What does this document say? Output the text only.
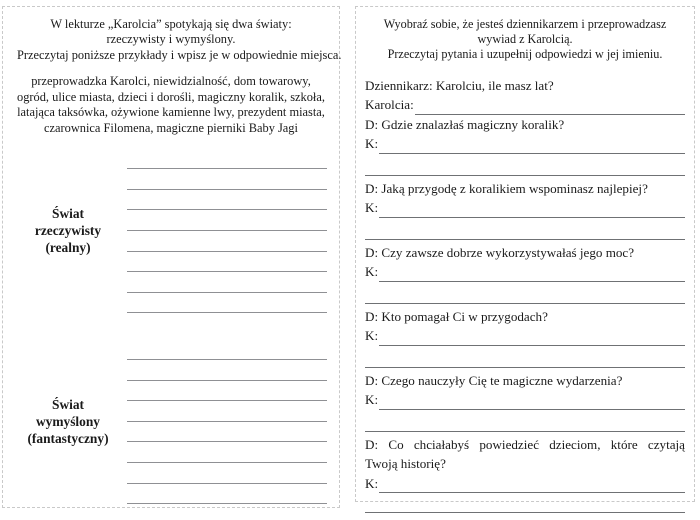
W lekturze „Karolcia” spotykają się dwa światy:
rzeczywisty i wymyślony.
Przeczytaj poniższe przykłady i wpisz je w odpowiednie miejsca.
przeprowadzka Karolci, niewidzialność, dom towarowy,
ogród, ulice miasta, dzieci i dorośli, magiczny koralik, szkoła,
latająca taksówka, ożywione kamienne lwy, prezydent miasta,
czarownica Filomena, magiczne pierniki Baby Jagi
Świat
rzeczywisty
(realny)
Świat
wymyślony
(fantastyczny)
Wyobraź sobie, że jesteś dziennikarzem i przeprowadzasz
wywiad z Karolcią.
Przeczytaj pytania i uzupełnij odpowiedzi w jej imieniu.
Dziennikarz: Karolciu, ile masz lat?
Karolcia:
D: Gdzie znalazłaś magiczny koralik?
K:
D: Jaką przygodę z koralikiem wspominasz najlepiej?
K:
D: Czy zawsze dobrze wykorzystywałaś jego moc?
K:
D: Kto pomagał Ci w przygodach?
K:
D: Czego nauczyły Cię te magiczne wydarzenia?
K:
D: Co chciałabyś powiedzieć dzieciom, które czytają
Twoją historię?
K:
